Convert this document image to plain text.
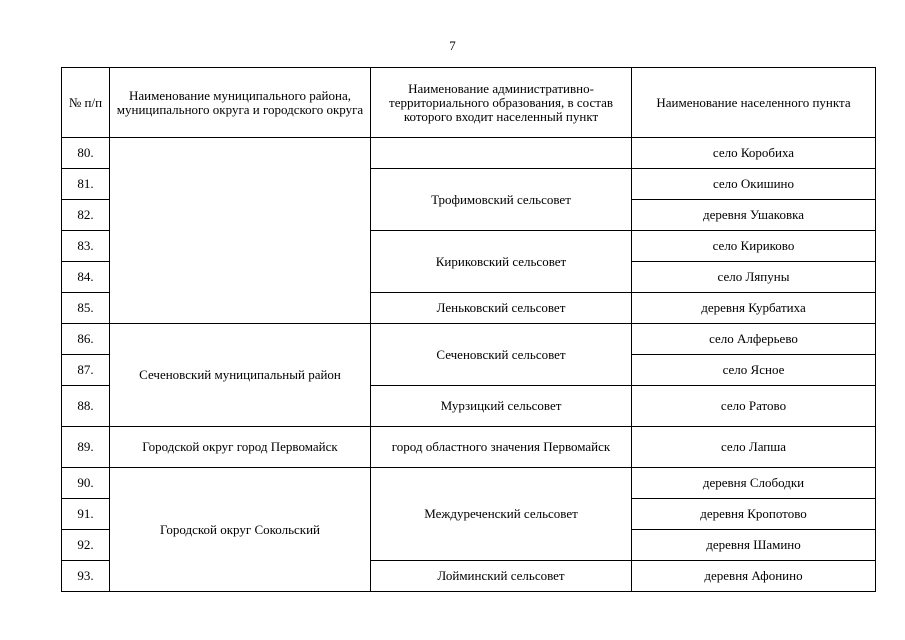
7
№ п/п	Наименование муниципального района, муниципального округа и городского округа	Наименование административно-территориального образования, в состав которого входит населенный пункт	Наименование населенного пункта
80.			село Коробиха
81.		Трофимовский сельсовет	село Окишино
82.			деревня Ушаковка
83.		Кириковский сельсовет	село Кириково
84.			село Ляпуны
85.		Леньковский сельсовет	деревня Курбатиха
86.	Сеченовский муниципальный район	Сеченовский сельсовет	село Алферьево
87.			село Ясное
88.		Мурзицкий сельсовет	село Ратово
89.	Городской округ город Первомайск	город областного значения Первомайск	село Лапша
90.	Городской округ Сокольский	Междуреченский сельсовет	деревня Слободки
91.			деревня Кропотово
92.			деревня Шамино
93.		Лойминский сельсовет	деревня Афонино
